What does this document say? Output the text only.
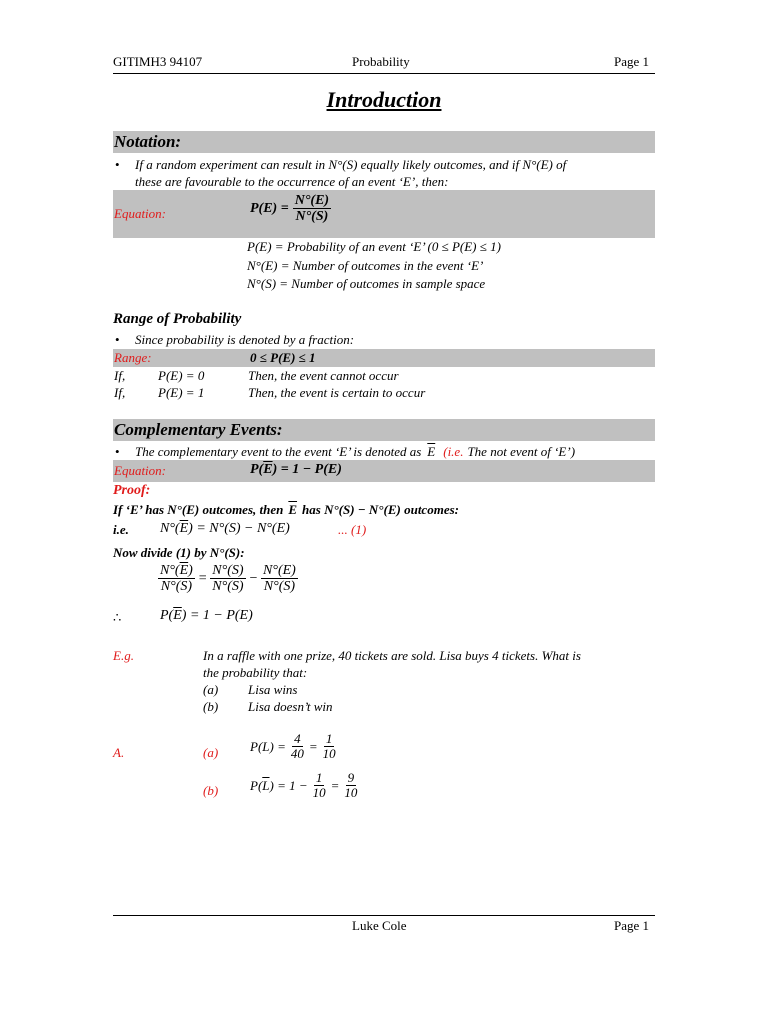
GITIMH3 94107	Probability	Page 1
Introduction
Notation:
• If a random experiment can result in N°(S) equally likely outcomes, and if N°(E) of
these are favourable to the occurrence of an event ‘E’, then:
Equation:	$P(E) = \frac{N^\circ(E)}{N^\circ(S)}$
P(E) = Probability of an event ‘E’ (0 ≤ P(E) ≤ 1)
N°(E) = Number of outcomes in the event ‘E’
N°(S) = Number of outcomes in sample space
Range of Probability
• Since probability is denoted by a fraction:
Range:	0 ≤ P(E) ≤ 1
If,	P(E) = 0	Then, the event cannot occur
If,	P(E) = 1	Then, the event is certain to occur
Complementary Events:
• The complementary event to the event ‘E’ is denoted as $\overline{E}$ (i.e. The not event of ‘E’)
Equation:	P( $\overline{E}$ ) = 1 − P(E)
Proof:
If ‘E’ has N°(E) outcomes, then $\overline{E}$ has N°(S) − N°(E) outcomes:
i.e. N°( $\overline{E}$ ) = N°(S) − N°(E)	... (1)
Now divide (1) by N°(S):
$\frac{N^\circ(\overline{E})}{N^\circ(S)} = \frac{N^\circ(S)}{N^\circ(S)} - \frac{N^\circ(E)}{N^\circ(S)}$
∴	P( $\overline{E}$ ) = 1 − P(E)
E.g.	In a raffle with one prize, 40 tickets are sold. Lisa buys 4 tickets. What is
the probability that:
(a) Lisa wins
(b) Lisa doesn’t win
A.	(a) $P(L) = \frac{4}{40} = \frac{1}{10}$
(b) P( $\overline{L}$ ) = $1 - \frac{1}{10} = \frac{9}{10}$
Luke Cole	Page 1
